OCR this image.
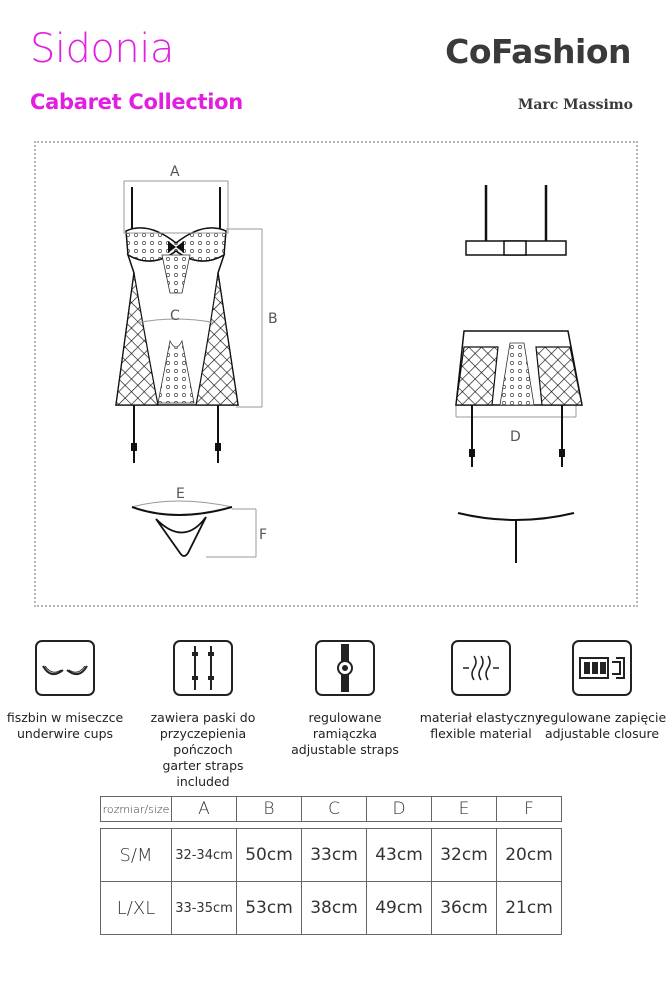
Sidonia
Cabaret Collection
CoFashion
Marc Massimo
A
B
C
D
E
F
fiszbin w miseczce
underwire cups
zawiera paski do
przyczepienia pończoch
garter straps included
regulowane ramiączka
adjustable straps
materiał elastyczny
flexible material
regulowane zapięcie
adjustable closure
rozmiar/size	A	B	C	D	E	F

S/M	32-34cm	50cm	33cm	43cm	32cm	20cm
L/XL	33-35cm	53cm	38cm	49cm	36cm	21cm
